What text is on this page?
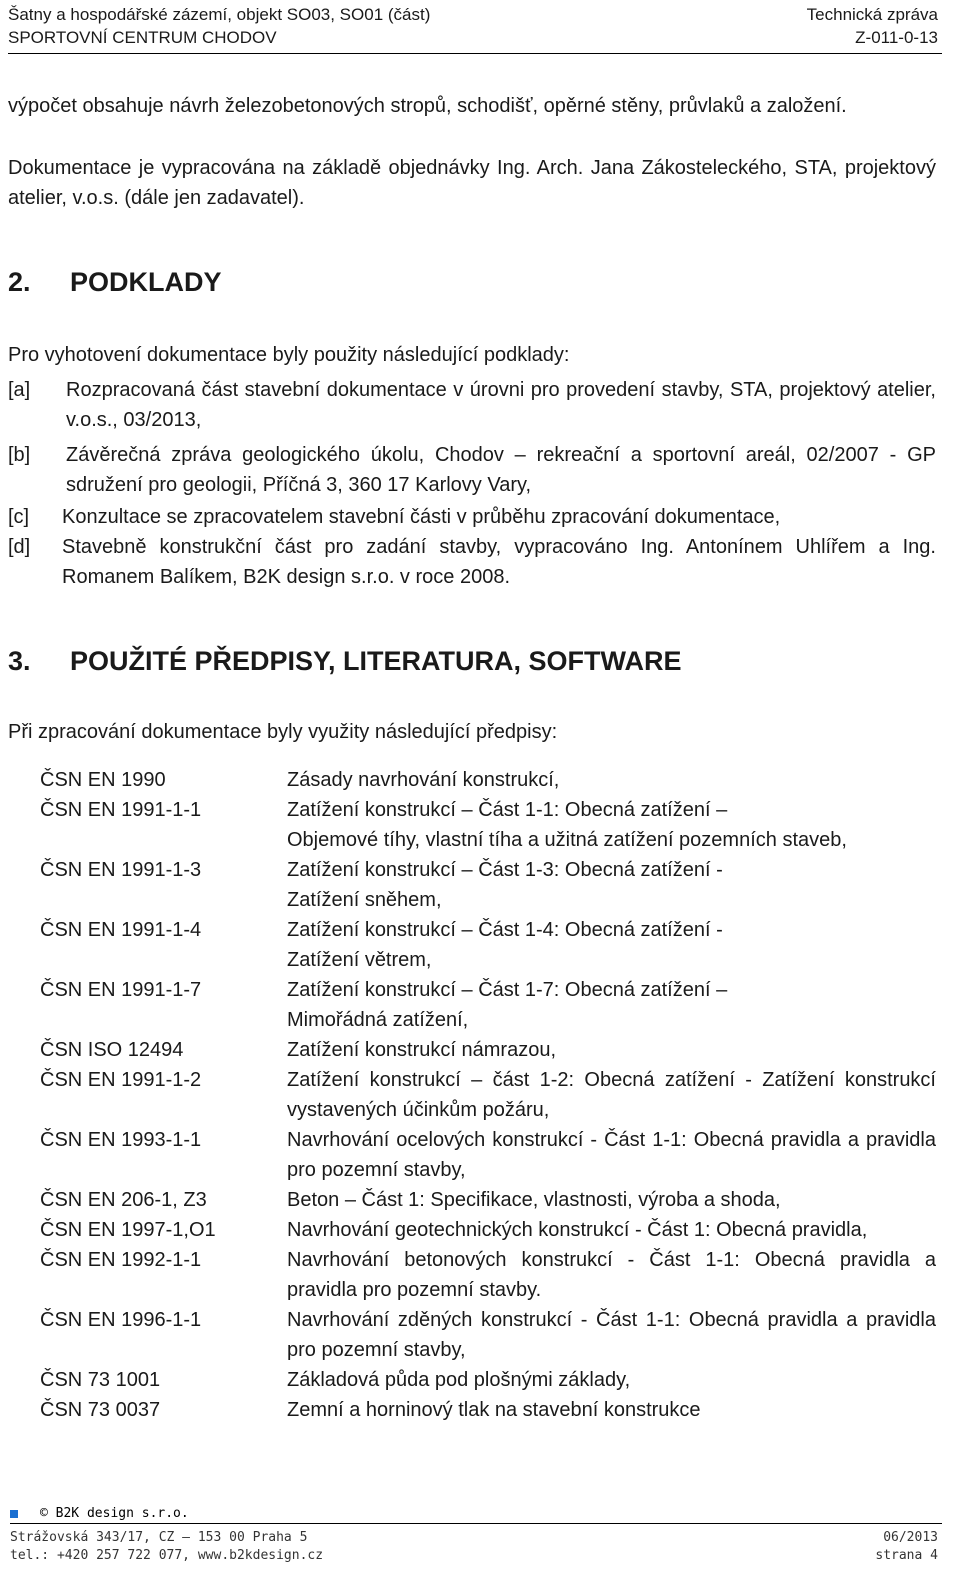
Šatny a hospodářské zázemí, objekt SO03, SO01 (část)
SPORTOVNÍ CENTRUM CHODOV
Technická zpráva
Z-011-0-13

výpočet obsahuje návrh železobetonových stropů, schodišť, opěrné stěny, průvlaků a založení.

Dokumentace je vypracována na základě objednávky Ing. Arch. Jana Zákosteleckého, STA, projektový atelier, v.o.s. (dále jen zadavatel).

2. PODKLADY

Pro vyhotovení dokumentace byly použity následující podklady:

[a]	Rozpracovaná část stavební dokumentace v úrovni pro provedení stavby, STA, projektový atelier, v.o.s., 03/2013,
[b]	Závěrečná zpráva geologického úkolu, Chodov – rekreační a sportovní areál, 02/2007 - GP sdružení pro geologii, Příčná 3, 360 17 Karlovy Vary,
[c]	Konzultace se zpracovatelem stavební části v průběhu zpracování dokumentace,
[d]	Stavebně konstrukční část pro zadání stavby, vypracováno Ing. Antonínem Uhlířem a Ing. Romanem Balíkem, B2K design s.r.o. v roce 2008.
3. POUŽITÉ PŘEDPISY, LITERATURA, SOFTWARE

Při zpracování dokumentace byly využity následující předpisy:

ČSN EN 1990	Zásady navrhování konstrukcí,
ČSN EN 1991-1-1	Zatížení konstrukcí – Část 1-1: Obecná zatížení –
Objemové tíhy, vlastní tíha a užitná zatížení pozemních staveb,
ČSN EN 1991-1-3	Zatížení konstrukcí – Část 1-3: Obecná zatížení -
Zatížení sněhem,
ČSN EN 1991-1-4	Zatížení konstrukcí – Část 1-4: Obecná zatížení -
Zatížení větrem,
ČSN EN 1991-1-7	Zatížení konstrukcí – Část 1-7: Obecná zatížení –
Mimořádná zatížení,
ČSN ISO 12494	Zatížení konstrukcí námrazou,
ČSN EN 1991-1-2	Zatížení konstrukcí – část 1-2: Obecná zatížení - Zatížení konstrukcí vystavených účinkům požáru,
ČSN EN 1993-1-1	Navrhování ocelových konstrukcí - Část 1-1: Obecná pravidla a pravidla pro pozemní stavby,
ČSN EN 206-1, Z3	Beton – Část 1: Specifikace, vlastnosti, výroba a shoda,
ČSN EN 1997-1,O1	Navrhování geotechnických konstrukcí - Část 1: Obecná pravidla,
ČSN EN 1992-1-1	Navrhování betonových konstrukcí - Část 1-1: Obecná pravidla a pravidla pro pozemní stavby.
ČSN EN 1996-1-1	Navrhování zděných konstrukcí - Část 1-1: Obecná pravidla a pravidla pro pozemní stavby,
ČSN 73 1001	Základová půda pod plošnými základy,
ČSN 73 0037	Zemní a horninový tlak na stavební konstrukce
© B2K design s.r.o.
Strážovská 343/17, CZ – 153 00 Praha 5
tel.: +420 257 722 077, www.b2kdesign.cz
06/2013
strana 4
